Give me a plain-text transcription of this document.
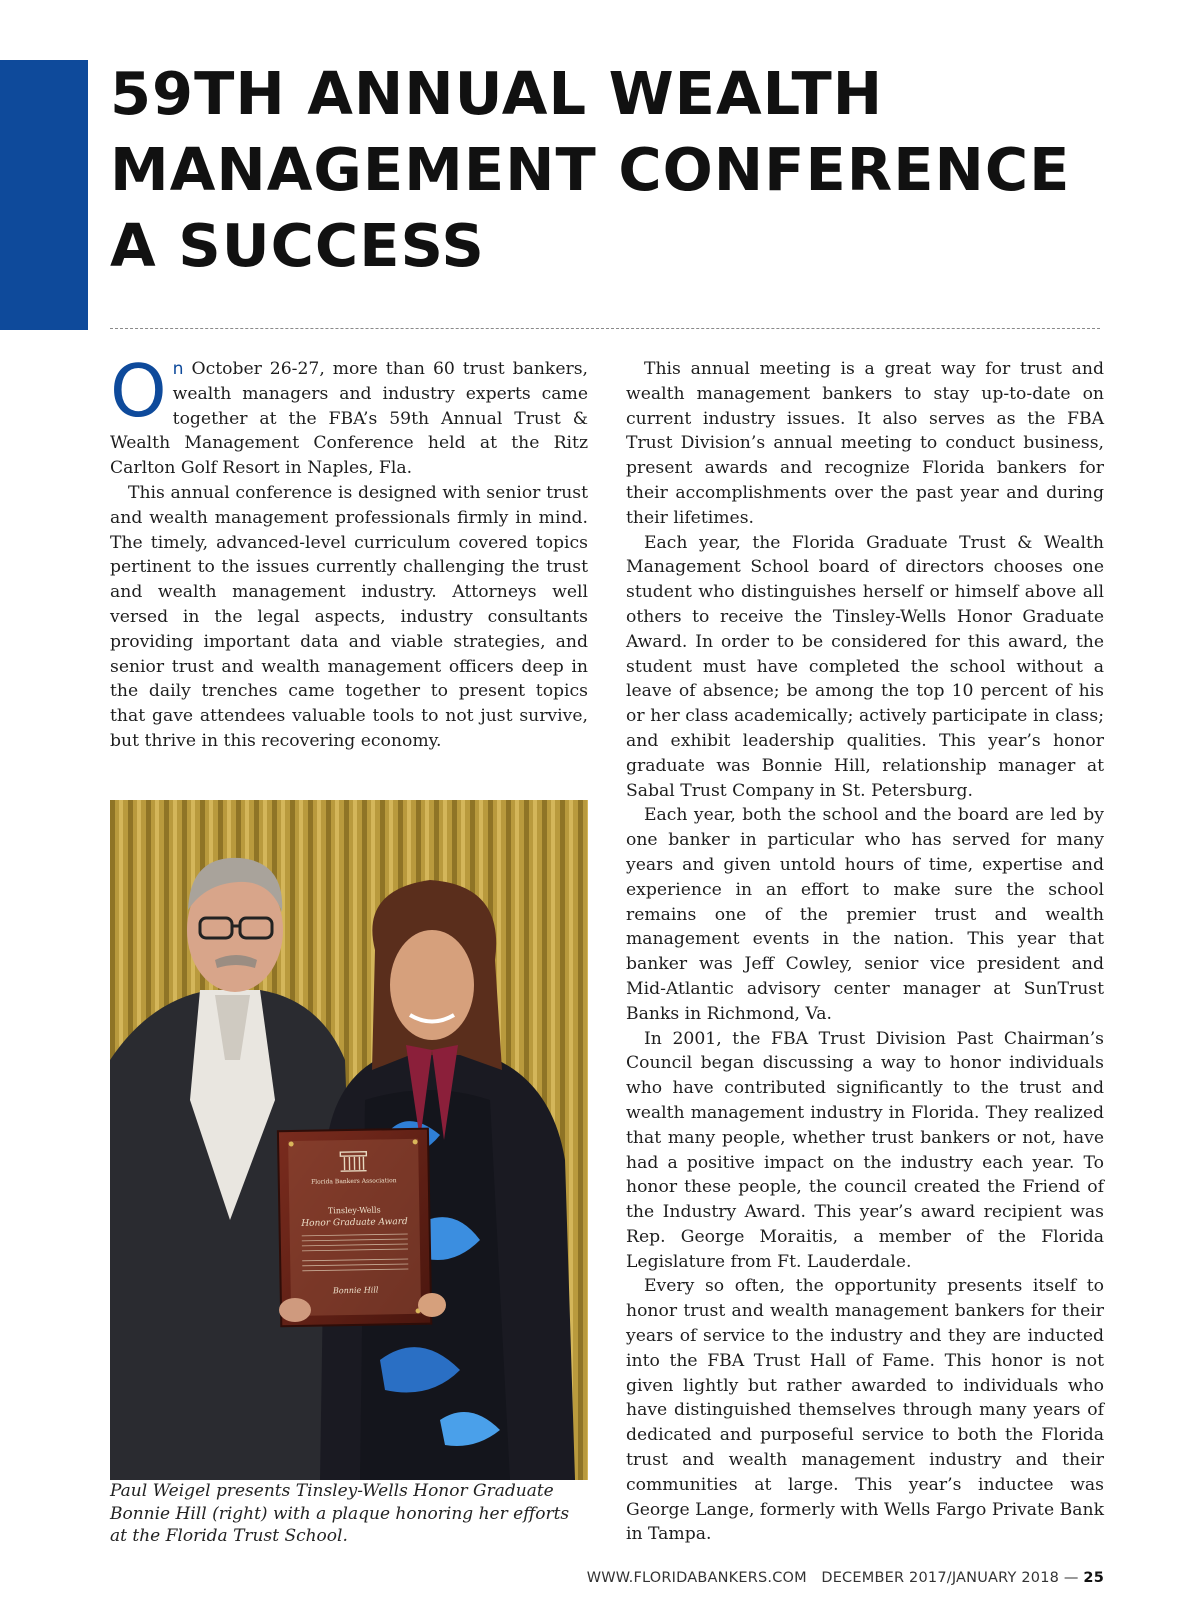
59TH ANNUAL WEALTH
MANAGEMENT CONFERENCE
A SUCCESS

On October 26-27, more than 60 trust bankers, wealth managers and industry experts came together at the FBA’s 59th Annual Trust & Wealth Management Conference held at the Ritz Carlton Golf Resort in Naples, Fla.

This annual conference is designed with senior trust and wealth management professionals firmly in mind. The timely, advanced-level curriculum covered topics pertinent to the issues currently challenging the trust and wealth management industry. Attorneys well versed in the legal aspects, industry consultants providing important data and viable strategies, and senior trust and wealth management officers deep in the daily trenches came together to present topics that gave attendees valuable tools to not just survive, but thrive in this recovering economy.

Florida Bankers Association
Tinsley-Wells
Honor Graduate Award
Bonnie Hill

Paul Weigel presents Tinsley-Wells Honor Graduate Bonnie Hill (right) with a plaque honoring her efforts at the Florida Trust School.

This annual meeting is a great way for trust and wealth management bankers to stay up-to-date on current industry issues. It also serves as the FBA Trust Division’s annual meeting to conduct business, present awards and recognize Florida bankers for their accomplishments over the past year and during their lifetimes.

Each year, the Florida Graduate Trust & Wealth Management School board of directors chooses one student who distinguishes herself or himself above all others to receive the Tinsley-Wells Honor Graduate Award. In order to be considered for this award, the student must have completed the school without a leave of absence; be among the top 10 percent of his or her class academically; actively participate in class; and exhibit leadership qualities. This year’s honor graduate was Bonnie Hill, relationship manager at Sabal Trust Company in St. Petersburg.

Each year, both the school and the board are led by one banker in particular who has served for many years and given untold hours of time, expertise and experience in an effort to make sure the school remains one of the premier trust and wealth management events in the nation. This year that banker was Jeff Cowley, senior vice president and Mid-Atlantic advisory center manager at SunTrust Banks in Richmond, Va.

In 2001, the FBA Trust Division Past Chairman’s Council began discussing a way to honor individuals who have contributed significantly to the trust and wealth management industry in Florida. They realized that many people, whether trust bankers or not, have had a positive impact on the industry each year. To honor these people, the council created the Friend of the Industry Award. This year’s award recipient was Rep. George Moraitis, a member of the Florida Legislature from Ft. Lauderdale.

Every so often, the opportunity presents itself to honor trust and wealth management bankers for their years of service to the industry and they are inducted into the FBA Trust Hall of Fame. This honor is not given lightly but rather awarded to individuals who have distinguished themselves through many years of dedicated and purposeful service to both the Florida trust and wealth management industry and their communities at large. This year’s inductee was George Lange, formerly with Wells Fargo Private Bank in Tampa.

WWW.FLORIDABANKERS.COM DECEMBER 2017/JANUARY 2018 — 25
